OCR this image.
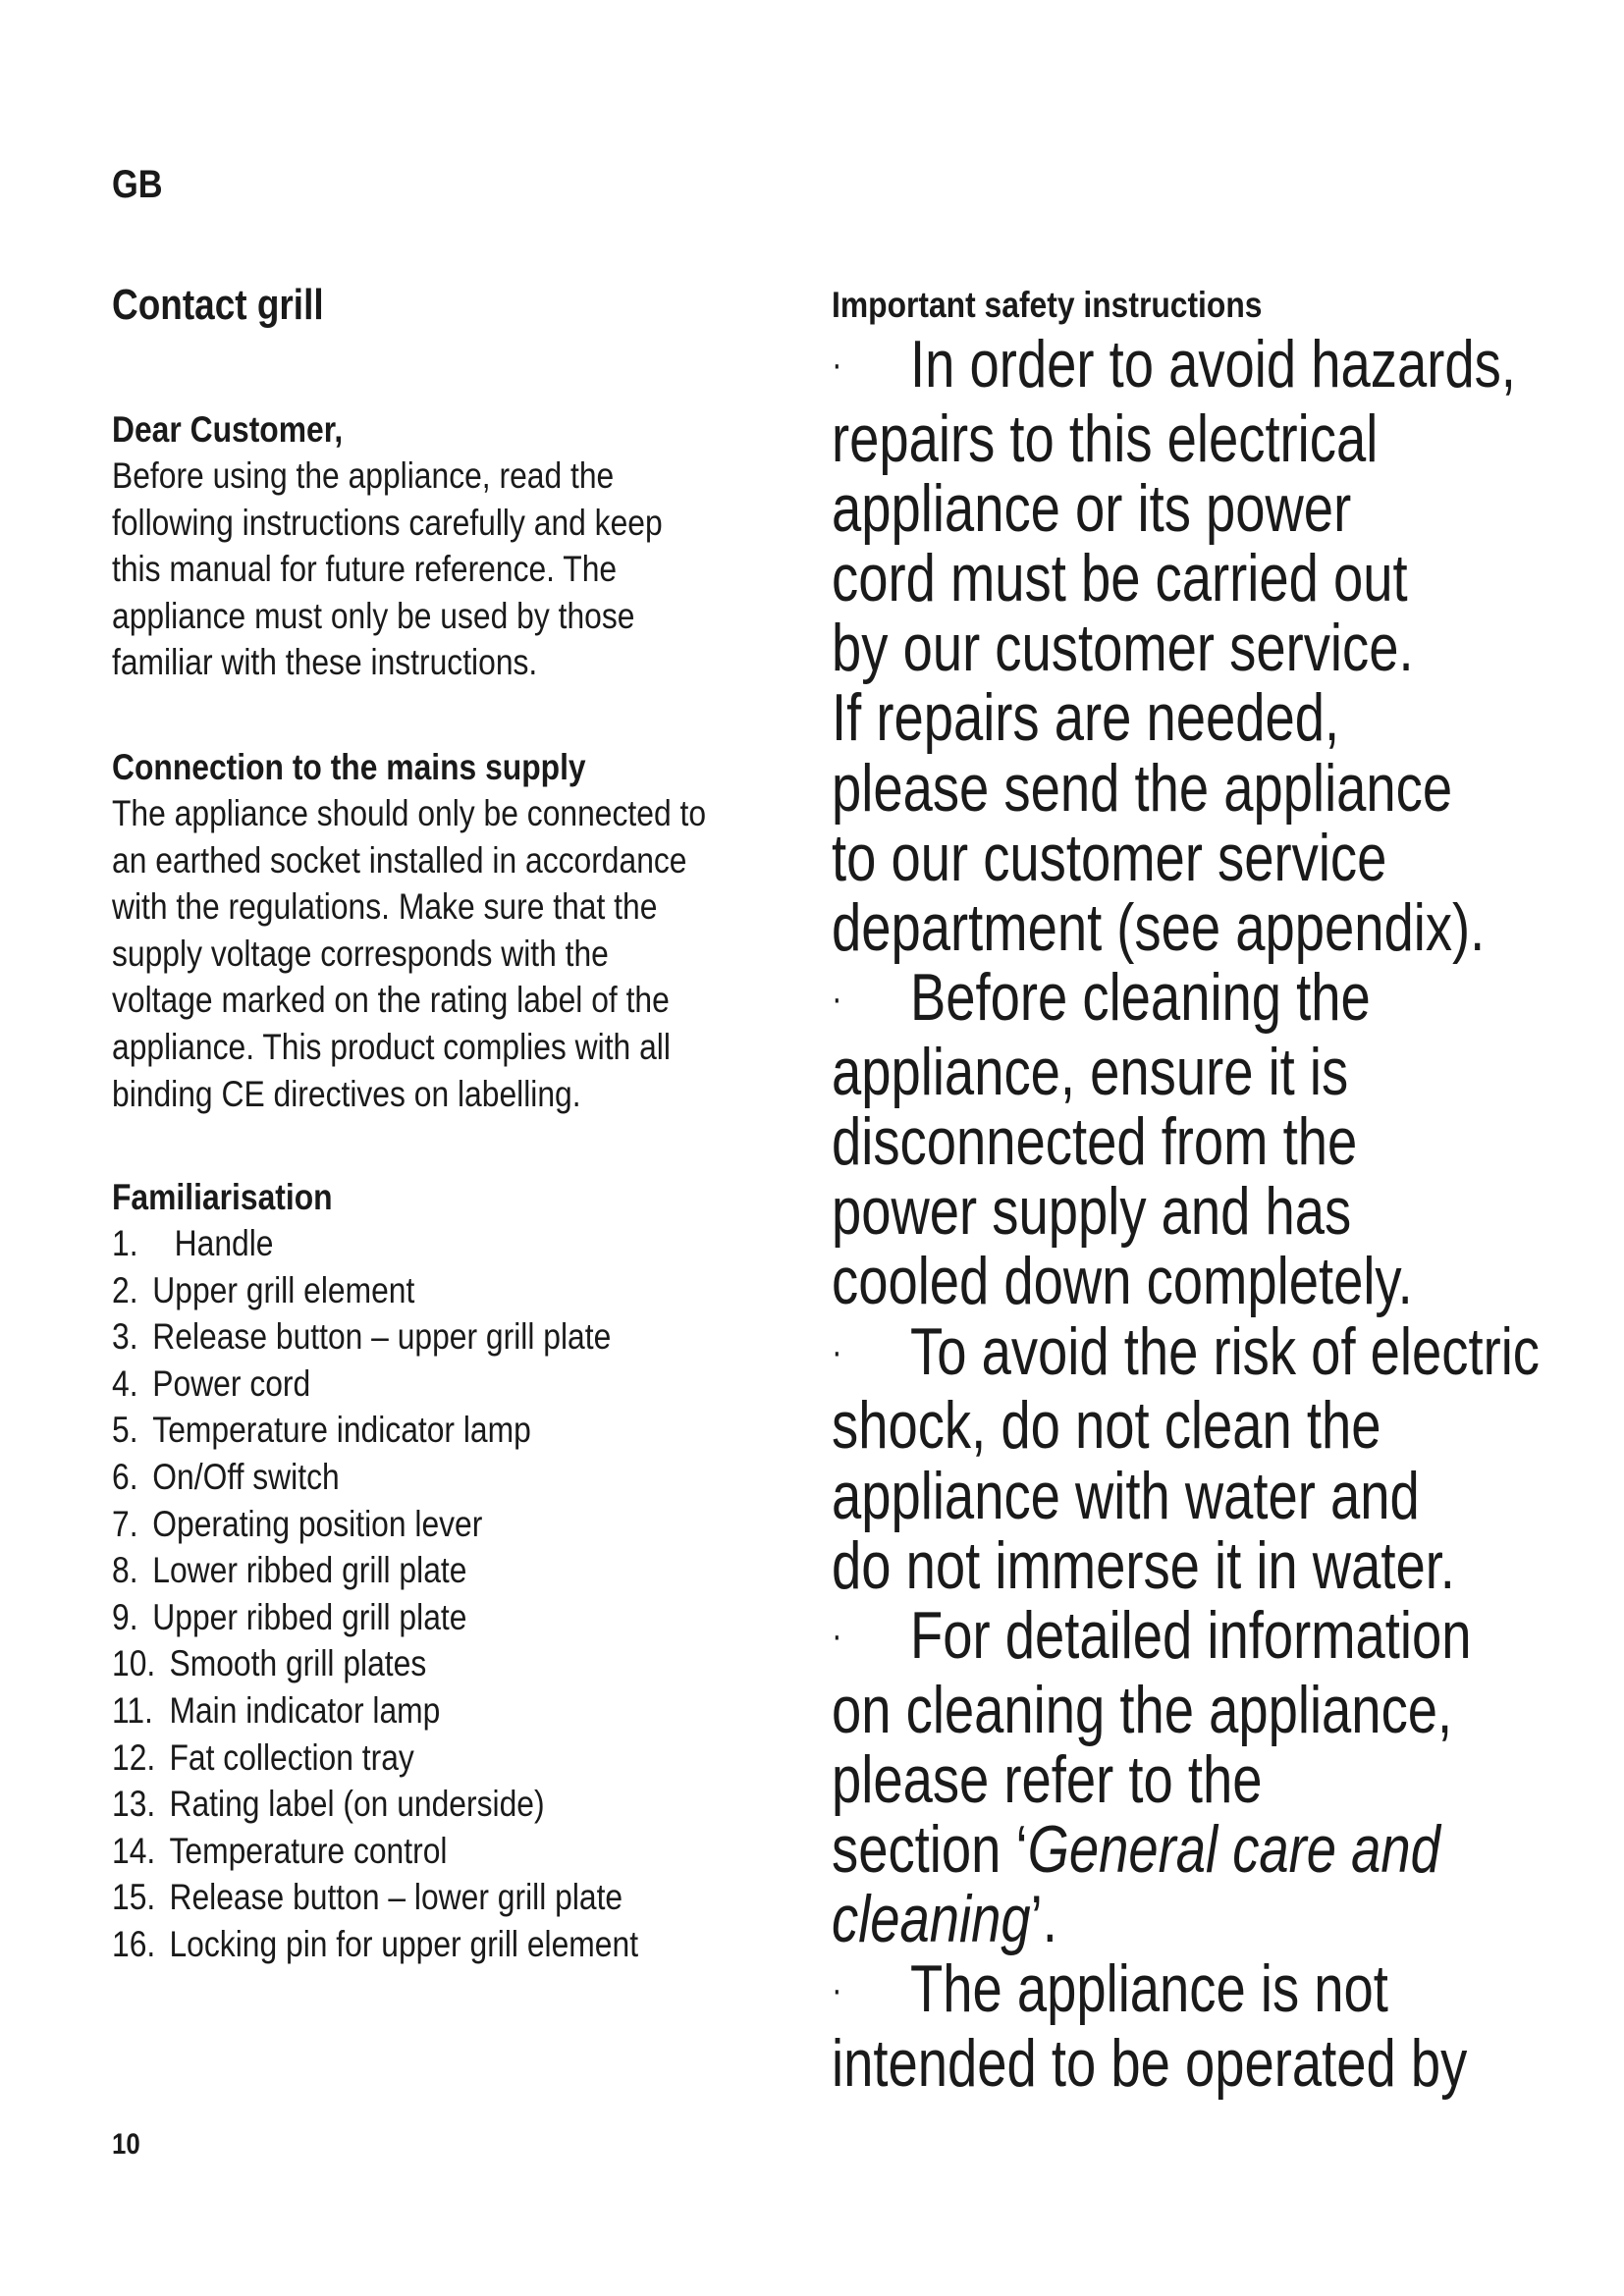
GB
Contact grill
Dear Customer,
Before using the appliance, read the
following instructions carefully and keep
this manual for future reference. The
appliance must only be used by those
familiar with these instructions.
Connection to the mains supply
The appliance should only be connected to
an earthed socket installed in accordance
with the regulations. Make sure that the
supply voltage corresponds with the
voltage marked on the rating label of the
appliance. This product complies with all
binding CE directives on labelling.
Familiarisation
1.	Handle
2. Upper grill element
3. Release button – upper grill plate
4. Power cord
5. Temperature indicator lamp
6. On/Off switch
7. Operating position lever
8. Lower ribbed grill plate
9. Upper ribbed grill plate
10. Smooth grill plates
11. Main indicator lamp
12. Fat collection tray
13. Rating label (on underside)
14. Temperature control
15. Release button – lower grill plate
16. Locking pin for upper grill element
Important safety instructions
· In order to avoid hazards,
repairs to this electrical
appliance or its power
cord must be carried out
by our customer service.
If repairs are needed,
please send the appliance
to our customer service
department (see appendix).
· Before cleaning the
appliance, ensure it is
disconnected from the
power supply and has
cooled down completely.
· To avoid the risk of electric
shock, do not clean the
appliance with water and
do not immerse it in water.
· For detailed information
on cleaning the appliance,
please refer to the
section ‘General care and
cleaning’.
· The appliance is not
intended to be operated by
10
